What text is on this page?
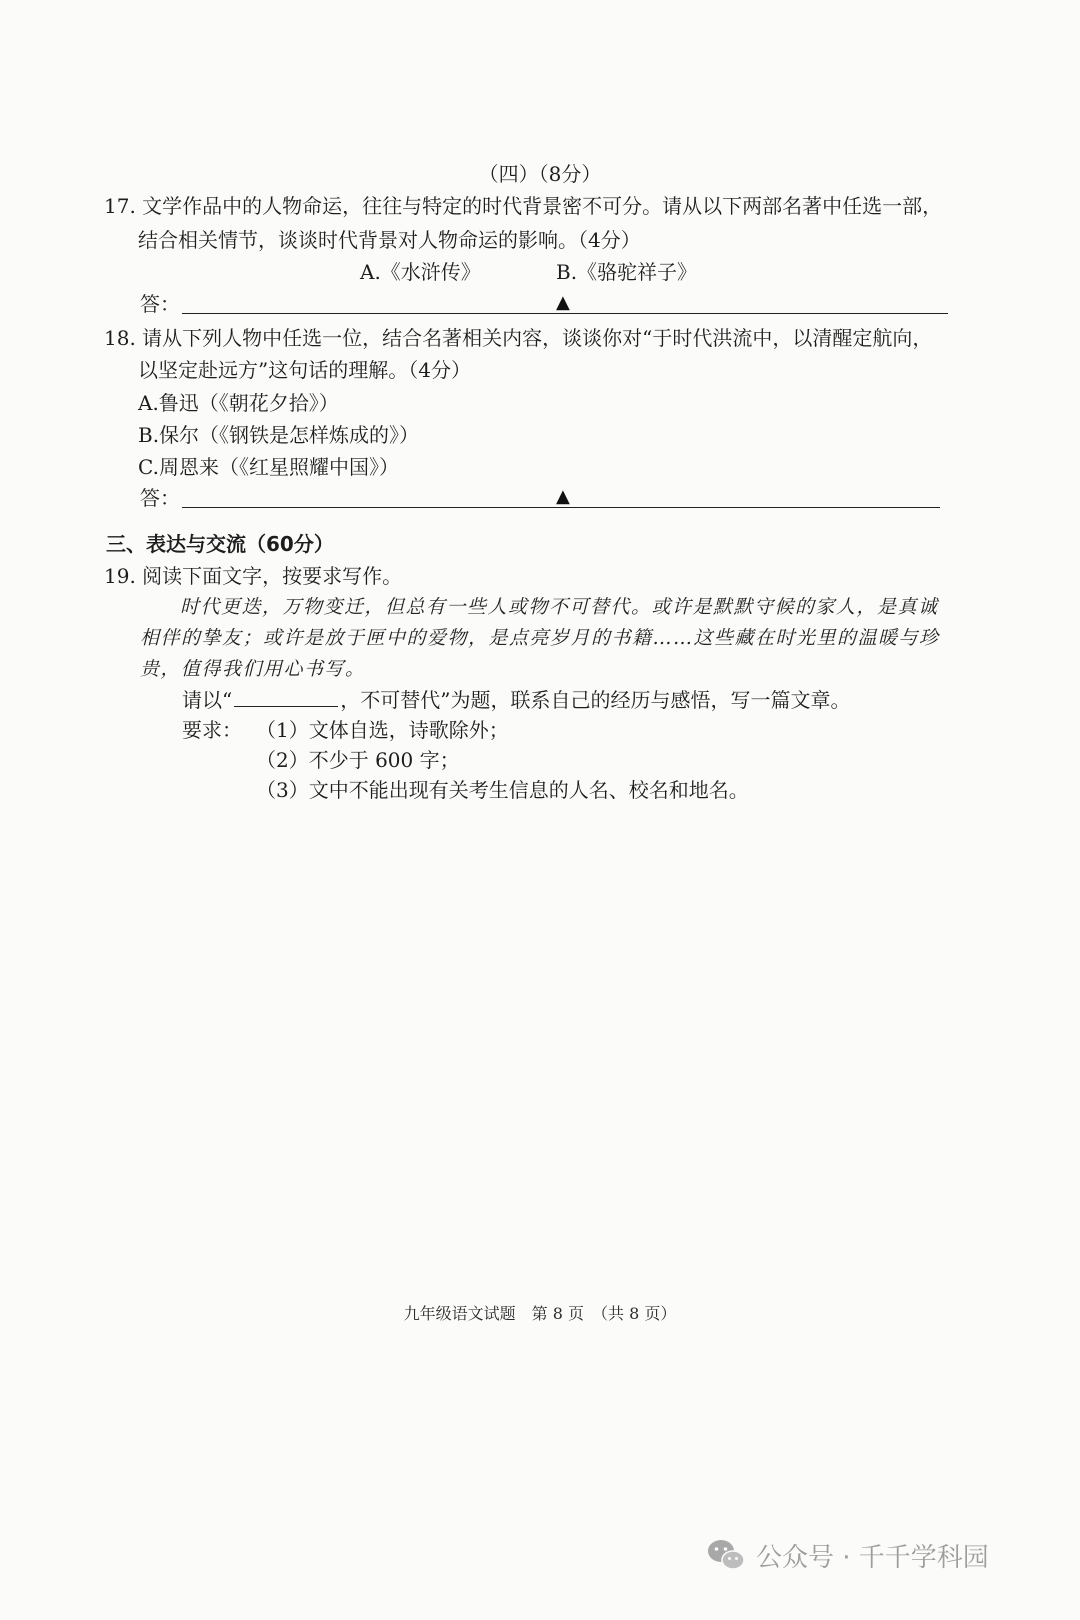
（四）（8分）
17. 文学作品中的人物命运，往往与特定的时代背景密不可分。请从以下两部名著中任选一部，
结合相关情节，谈谈时代背景对人物命运的影响。（4分）
A.《水浒传》	B.《骆驼祥子》
答：	▲
18. 请从下列人物中任选一位，结合名著相关内容，谈谈你对“于时代洪流中，以清醒定航向，
以坚定赴远方”这句话的理解。（4分）
A.鲁迅（《朝花夕拾》）
B.保尔（《钢铁是怎样炼成的》）
C.周恩来（《红星照耀中国》）
答：	▲
三、表达与交流（60分）
19. 阅读下面文字，按要求写作。
时代更迭，万物变迁，但总有一些人或物不可替代。或许是默默守候的家人，是真诚相伴的挚友；或许是放于匣中的爱物，是点亮岁月的书籍……这些藏在时光里的温暖与珍贵，值得我们用心书写。
请以“	，不可替代”为题，联系自己的经历与感悟，写一篇文章。
要求： （1）文体自选，诗歌除外；
（2）不少于 600 字；
（3）文中不能出现有关考生信息的人名、校名和地名。
九年级语文试题　第 8 页　（共 8 页）
公众号 · 千千学科园
